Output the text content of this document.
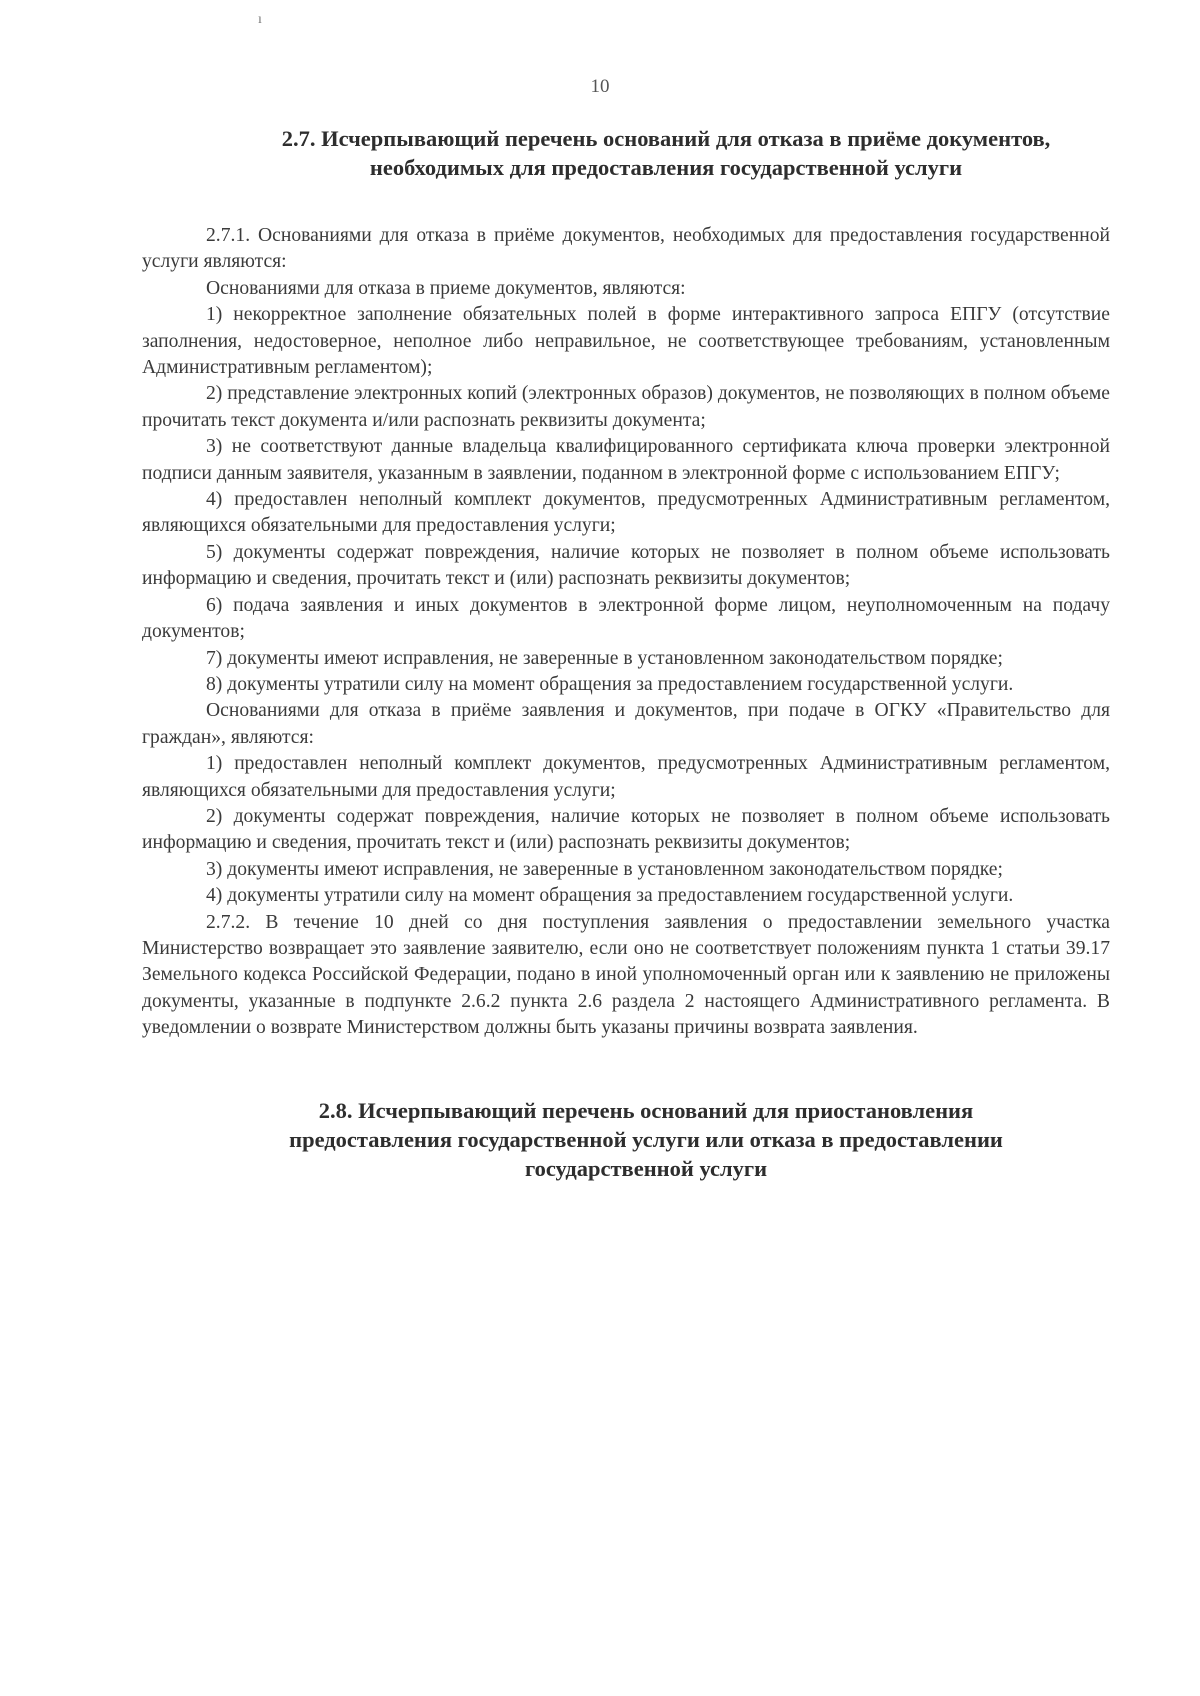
ı
10
2.7. Исчерпывающий перечень оснований для отказа в приёме документов,
необходимых для предоставления государственной услуги

2.7.1. Основаниями для отказа в приёме документов, необходимых для предоставления государственной услуги являются:

Основаниями для отказа в приеме документов, являются:

1) некорректное заполнение обязательных полей в форме интерактивного запроса ЕПГУ (отсутствие заполнения, недостоверное, неполное либо неправильное, не соответствующее требованиям, установленным Административным регламентом);

2) представление электронных копий (электронных образов) документов, не позволяющих в полном объеме прочитать текст документа и/или распознать реквизиты документа;

3) не соответствуют данные владельца квалифицированного сертификата ключа проверки электронной подписи данным заявителя, указанным в заявлении, поданном в электронной форме с использованием ЕПГУ;

4) предоставлен неполный комплект документов, предусмотренных Административным регламентом, являющихся обязательными для предоставления услуги;

5) документы содержат повреждения, наличие которых не позволяет в полном объеме использовать информацию и сведения, прочитать текст и (или) распознать реквизиты документов;

6) подача заявления и иных документов в электронной форме лицом, неуполномоченным на подачу документов;

7) документы имеют исправления, не заверенные в установленном законодательством порядке;

8) документы утратили силу на момент обращения за предоставлением государственной услуги.

Основаниями для отказа в приёме заявления и документов, при подаче в ОГКУ «Правительство для граждан», являются:

1) предоставлен неполный комплект документов, предусмотренных Административным регламентом, являющихся обязательными для предоставления услуги;

2) документы содержат повреждения, наличие которых не позволяет в полном объеме использовать информацию и сведения, прочитать текст и (или) распознать реквизиты документов;

3) документы имеют исправления, не заверенные в установленном законодательством порядке;

4) документы утратили силу на момент обращения за предоставлением государственной услуги.

2.7.2. В течение 10 дней со дня поступления заявления о предоставлении земельного участка Министерство возвращает это заявление заявителю, если оно не соответствует положениям пункта 1 статьи 39.17 Земельного кодекса Российской Федерации, подано в иной уполномоченный орган или к заявлению не приложены документы, указанные в подпункте 2.6.2 пункта 2.6 раздела 2 настоящего Административного регламента. В уведомлении о возврате Министерством должны быть указаны причины возврата заявления.

2.8. Исчерпывающий перечень оснований для приостановления
предоставления государственной услуги или отказа в предоставлении
государственной услуги
